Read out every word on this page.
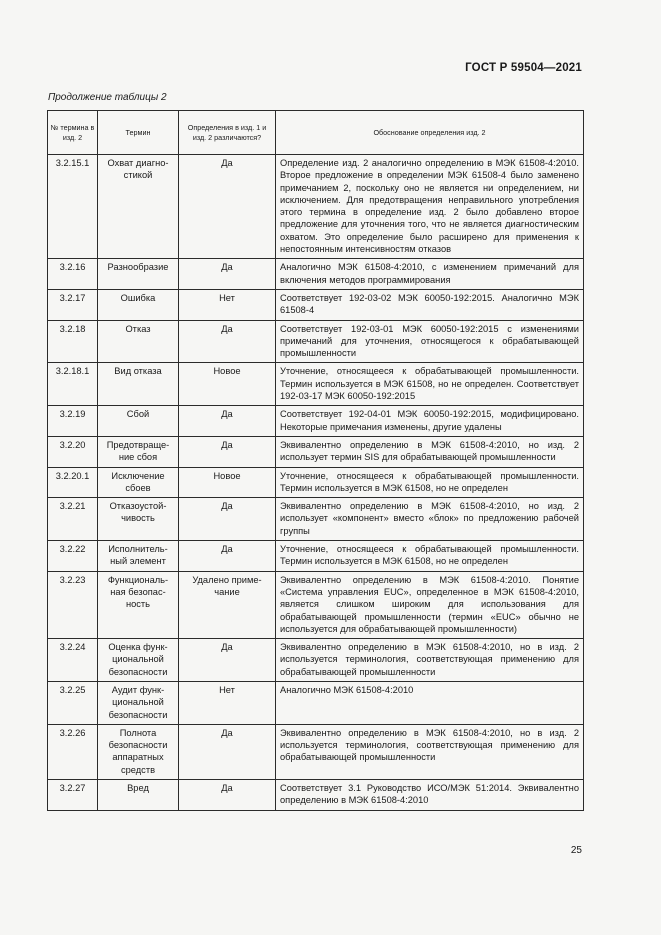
ГОСТ Р 59504—2021
Продолжение таблицы 2
№ термина в изд. 2	Термин	Определения в изд. 1 и изд. 2 различаются?	Обоснование определения изд. 2
3.2.15.1	Охват диагностикой	Да	Определение изд. 2 аналогично определению в МЭК 61508-4:2010. Второе предложение в определении МЭК 61508-4 было заменено примечанием 2, поскольку оно не является ни определением, ни исключением. Для предотвращения неправильного употребления этого термина в определение изд. 2 было добавлено второе предложение для уточнения того, что не является диагностическим охватом. Это определение было расширено для применения к непостоянным интенсивностям отказов
3.2.16	Разнообразие	Да	Аналогично МЭК 61508-4:2010, с изменением примечаний для включения методов программирования
3.2.17	Ошибка	Нет	Соответствует 192-03-02 МЭК 60050-192:2015. Аналогично МЭК 61508-4
3.2.18	Отказ	Да	Соответствует 192-03-01 МЭК 60050-192:2015 с изменениями примечаний для уточнения, относящегося к обрабатывающей промышленности
3.2.18.1	Вид отказа	Новое	Уточнение, относящееся к обрабатывающей промышленности. Термин используется в МЭК 61508, но не определен. Соответствует 192-03-17 МЭК 60050-192:2015
3.2.19	Сбой	Да	Соответствует 192-04-01 МЭК 60050-192:2015, модифицировано. Некоторые примечания изменены, другие удалены
3.2.20	Предотвращение сбоя	Да	Эквивалентно определению в МЭК 61508-4:2010, но изд. 2 использует термин SIS для обрабатывающей промышленности
3.2.20.1	Исключение сбоев	Новое	Уточнение, относящееся к обрабатывающей промышленности. Термин используется в МЭК 61508, но не определен
3.2.21	Отказоустойчивость	Да	Эквивалентно определению в МЭК 61508-4:2010, но изд. 2 использует «компонент» вместо «блок» по предложению рабочей группы
3.2.22	Исполнительный элемент	Да	Уточнение, относящееся к обрабатывающей промышленности. Термин используется в МЭК 61508, но не определен
3.2.23	Функциональная безопасность	Удалено примечание	Эквивалентно определению в МЭК 61508-4:2010. Понятие «Система управления EUC», определенное в МЭК 61508-4:2010, является слишком широким для использования для обрабатывающей промышленности (термин «EUC» обычно не используется для обрабатывающей промышленности)
3.2.24	Оценка функциональной безопасности	Да	Эквивалентно определению в МЭК 61508-4:2010, но в изд. 2 используется терминология, соответствующая применению для обрабатывающей промышленности
3.2.25	Аудит функциональной безопасности	Нет	Аналогично МЭК 61508-4:2010
3.2.26	Полнота безопасности аппаратных средств	Да	Эквивалентно определению в МЭК 61508-4:2010, но в изд. 2 используется терминология, соответствующая применению для обрабатывающей промышленности
3.2.27	Вред	Да	Соответствует 3.1 Руководство ИСО/МЭК 51:2014. Эквивалентно определению в МЭК 61508-4:2010
25
